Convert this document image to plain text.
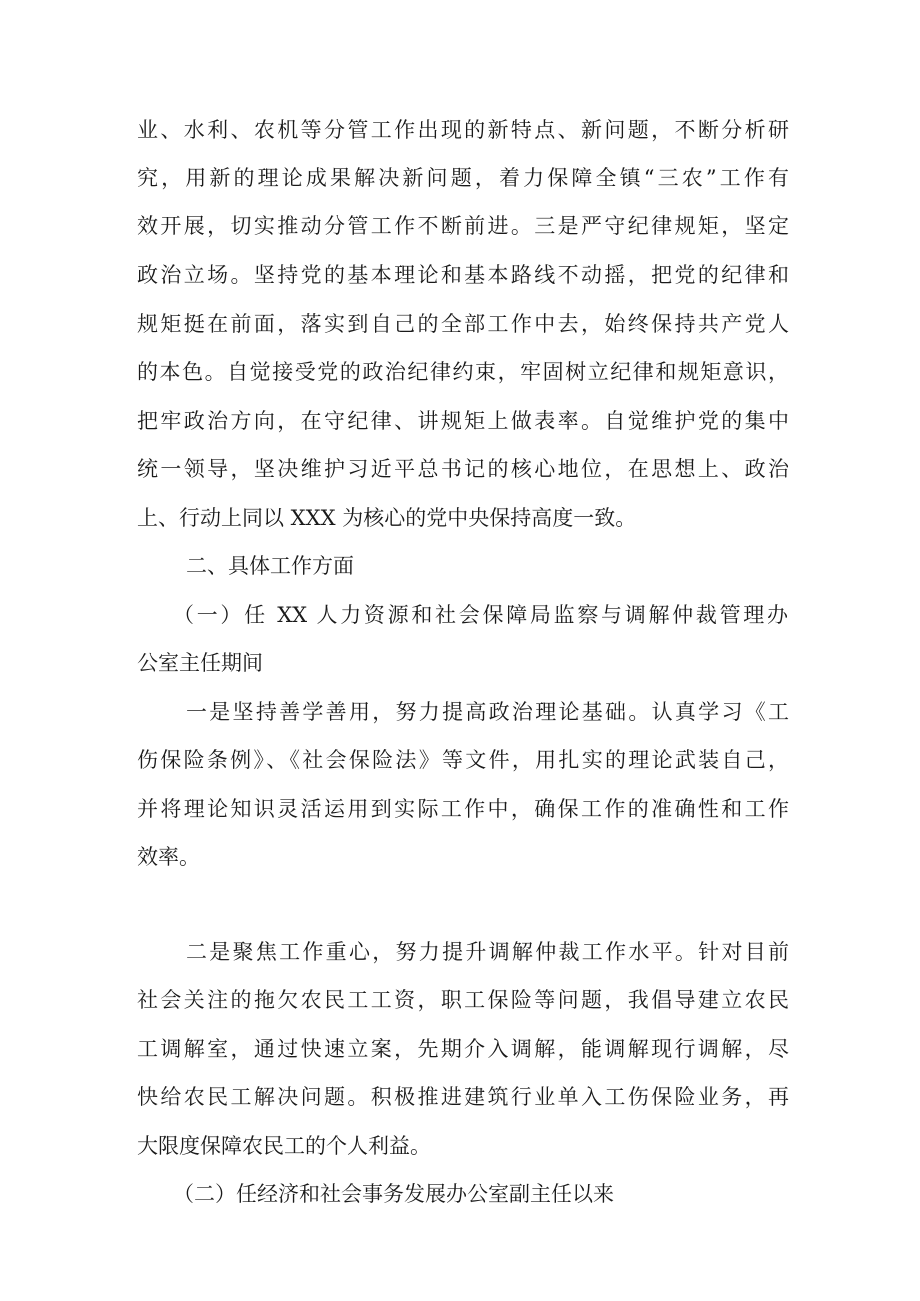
业、水利、农机等分管工作出现的新特点、新问题，不断分析研
究，用新的理论成果解决新问题，着力保障全镇“三农”工作有
效开展，切实推动分管工作不断前进。三是严守纪律规矩，坚定
政治立场。坚持党的基本理论和基本路线不动摇，把党的纪律和
规矩挺在前面，落实到自己的全部工作中去，始终保持共产党人
的本色。自觉接受党的政治纪律约束，牢固树立纪律和规矩意识，
把牢政治方向，在守纪律、讲规矩上做表率。自觉维护党的集中
统一领导，坚决维护习近平总书记的核心地位，在思想上、政治
上、行动上同以 XXX 为核心的党中央保持高度一致。
二、具体工作方面
（一）任 XX 人力资源和社会保障局监察与调解仲裁管理办
公室主任期间
一是坚持善学善用，努力提高政治理论基础。认真学习《工
伤保险条例》、《社会保险法》等文件，用扎实的理论武装自己，
并将理论知识灵活运用到实际工作中，确保工作的准确性和工作
效率。
二是聚焦工作重心，努力提升调解仲裁工作水平。针对目前
社会关注的拖欠农民工工资，职工保险等问题，我倡导建立农民
工调解室，通过快速立案，先期介入调解，能调解现行调解，尽
快给农民工解决问题。积极推进建筑行业单入工伤保险业务，再
大限度保障农民工的个人利益。
（二）任经济和社会事务发展办公室副主任以来
